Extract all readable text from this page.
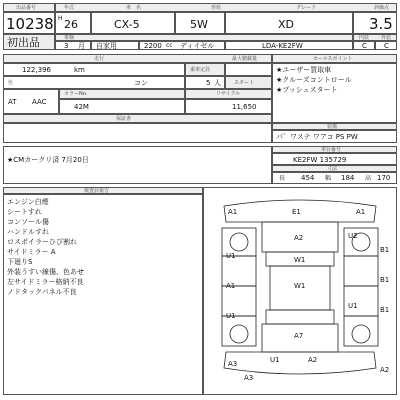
出品番号
10238
初出品
年式	車　名	形状	グレード	評価点
H 26	CX-5	5W	XD	3.5
車検	内装 外装
3 月 自家用	2200 cc ディイゼル	LDA-KE2FW	C C
走行	最大積載量
122,396	km	乗車定員
色	コン	5 人	スタート
AT AAC
カラーNo.
42M
リサイクル
11,650
保証書
セールスポイント
★ユーザー買取車
★クルーズコントロール
★プッシュスタート
装備
パ゛ワステ ワアコ PS PW
★CMカークリ済 7月20日
車台番号
KE2FW 135729
寸法
長 454 幅 184 高 170
検査員報告
エンジン白煙
シートすれ
コンソール傷
ハンドルすれ
ロスポイラーひび割れ
サイドミラー A
下廻りS
外装うすい線傷、色あせ
左サイドミラー格納不良
ノドタックパネル不良
A1	E1	A1
W1
U1
A1	W1
A7
U1
A3	A2
U1
A3
B1
B1
U1	B1
A2
A2	U2
